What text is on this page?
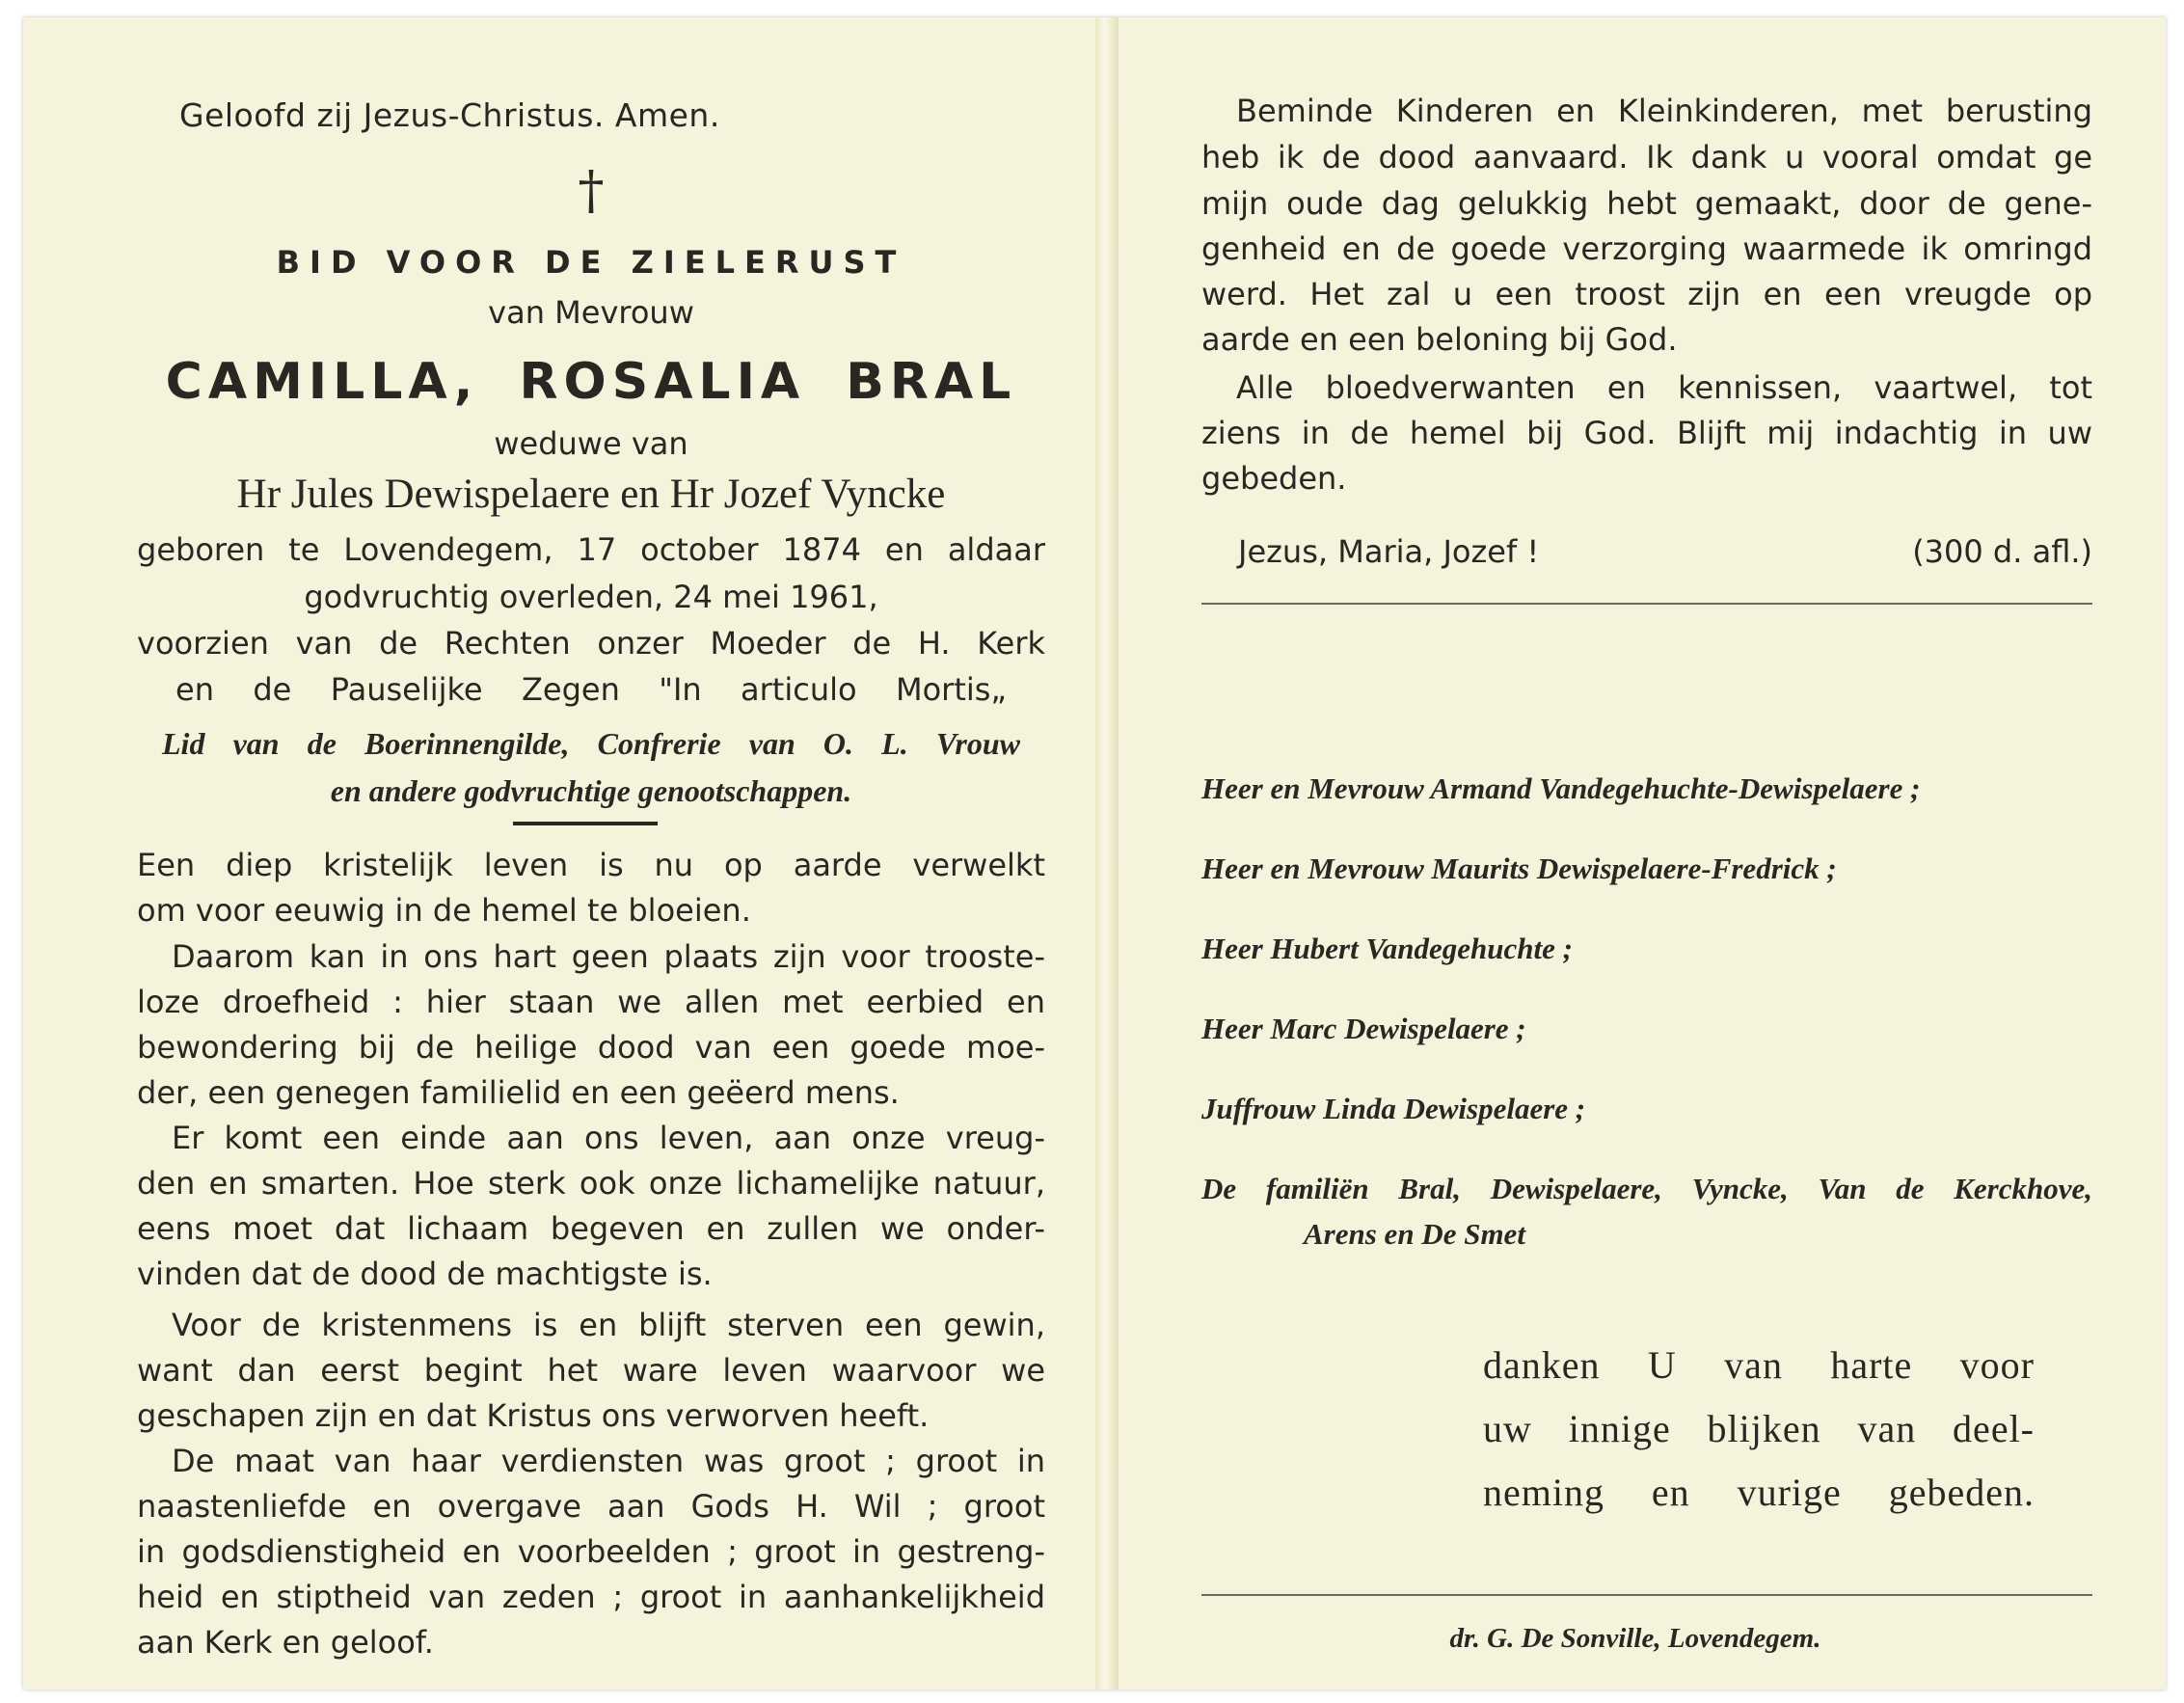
Geloofd zij Jezus-Christus. Amen.
†
BID VOOR DE ZIELERUST
van Mevrouw
CAMILLA, ROSALIA BRAL
weduwe van
Hr Jules Dewispelaere en Hr Jozef Vyncke
geboren te Lovendegem, 17 october 1874 en aldaar
godvruchtig overleden, 24 mei 1961,
voorzien van de Rechten onzer Moeder de H. Kerk
en de Pauselijke Zegen "In articulo Mortis„
Lid van de Boerinnengilde, Confrerie van O. L. Vrouw
en andere godvruchtige genootschappen.
Een diep kristelijk leven is nu op aarde verwelkt
om voor eeuwig in de hemel te bloeien.
Daarom kan in ons hart geen plaats zijn voor trooste-
loze droefheid : hier staan we allen met eerbied en
bewondering bij de heilige dood van een goede moe-
der, een genegen familielid en een geëerd mens.
Er komt een einde aan ons leven, aan onze vreug-
den en smarten. Hoe sterk ook onze lichamelijke natuur,
eens moet dat lichaam begeven en zullen we onder-
vinden dat de dood de machtigste is.
Voor de kristenmens is en blijft sterven een gewin,
want dan eerst begint het ware leven waarvoor we
geschapen zijn en dat Kristus ons verworven heeft.
De maat van haar verdiensten was groot ; groot in
naastenliefde en overgave aan Gods H. Wil ; groot
in godsdienstigheid en voorbeelden ; groot in gestreng-
heid en stiptheid van zeden ; groot in aanhankelijkheid
aan Kerk en geloof.
Beminde Kinderen en Kleinkinderen, met berusting
heb ik de dood aanvaard. Ik dank u vooral omdat ge
mijn oude dag gelukkig hebt gemaakt, door de gene-
genheid en de goede verzorging waarmede ik omringd
werd. Het zal u een troost zijn en een vreugde op
aarde en een beloning bij God.
Alle bloedverwanten en kennissen, vaartwel, tot
ziens in de hemel bij God. Blijft mij indachtig in uw
gebeden.
Jezus, Maria, Jozef !	(300 d. afl.)
Heer en Mevrouw Armand Vandegehuchte-Dewispelaere ;
Heer en Mevrouw Maurits Dewispelaere-Fredrick ;
Heer Hubert Vandegehuchte ;
Heer Marc Dewispelaere ;
Juffrouw Linda Dewispelaere ;
De familiën Bral, Dewispelaere, Vyncke, Van de Kerckhove,
Arens en De Smet
danken U van harte voor
uw innige blijken van deel-
neming en vurige gebeden.
dr. G. De Sonville, Lovendegem.
